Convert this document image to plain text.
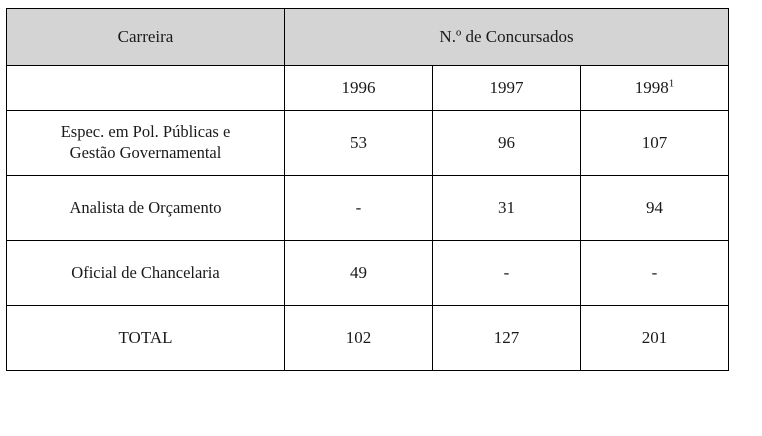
Carreira	N.º de Concursados		
	1996	1997	1998$^1$

Espec. em Pol. Públicas e
Gestão Governamental	53	96	107

Analista de Orçamento	-	31	94

Oficial de Chancelaria	49	-	-

TOTAL	102	127	201
